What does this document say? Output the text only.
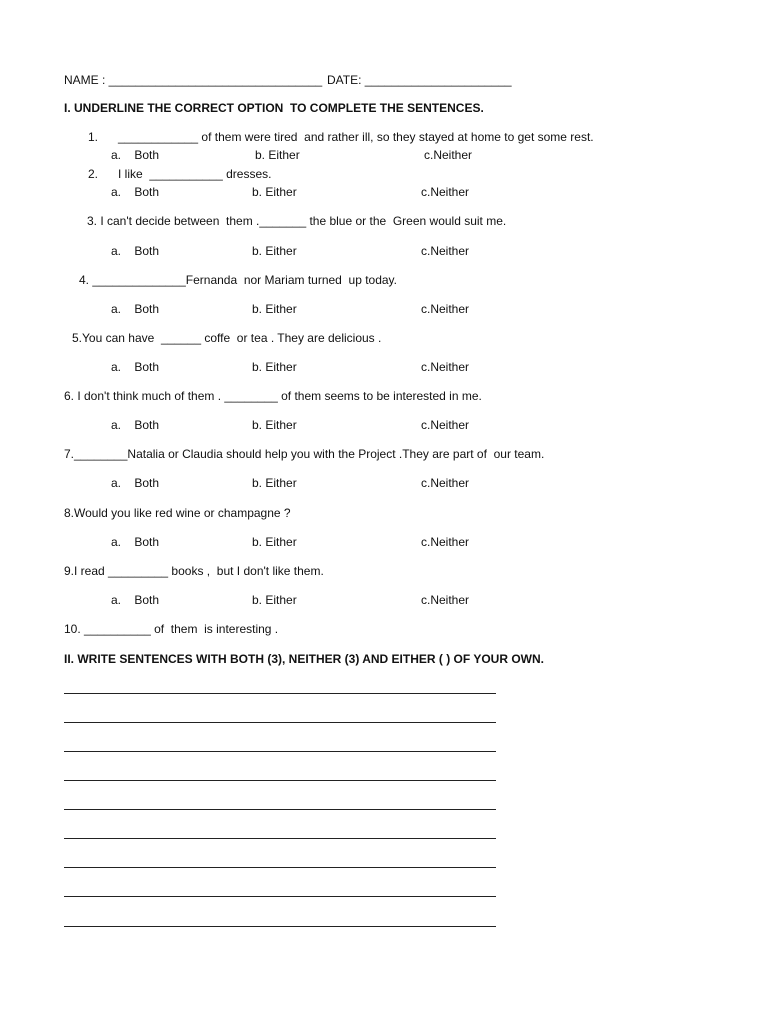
NAME : ________________________________ DATE: ______________________
I. UNDERLINE THE CORRECT OPTION  TO COMPLETE THE SENTENCES.
1.      ____________ of them were tired  and rather ill, so they stayed at home to get some rest.
a.    Both	b. Either	c.Neither
2.      I like  ___________ dresses.
a.    Both	b. Either	c.Neither
3. I can't decide between  them ._______ the blue or the  Green would suit me.
a.    Both	b. Either	c.Neither
4. ______________Fernanda  nor Mariam turned  up today.
a.    Both	b. Either	c.Neither
5.You can have  ______ coffe  or tea . They are delicious .
a.    Both	b. Either	c.Neither
6. I don't think much of them . ________ of them seems to be interested in me.
a.    Both	b. Either	c.Neither
7.________Natalia or Claudia should help you with the Project .They are part of  our team.
a.    Both	b. Either	c.Neither
8.Would you like red wine or champagne ?
a.    Both	b. Either	c.Neither
9.I read _________ books ,  but I don't like them.
a.    Both	b. Either	c.Neither
10. __________ of  them  is interesting .
II. WRITE SENTENCES WITH BOTH (3), NEITHER (3) AND EITHER ( ) OF YOUR OWN.
